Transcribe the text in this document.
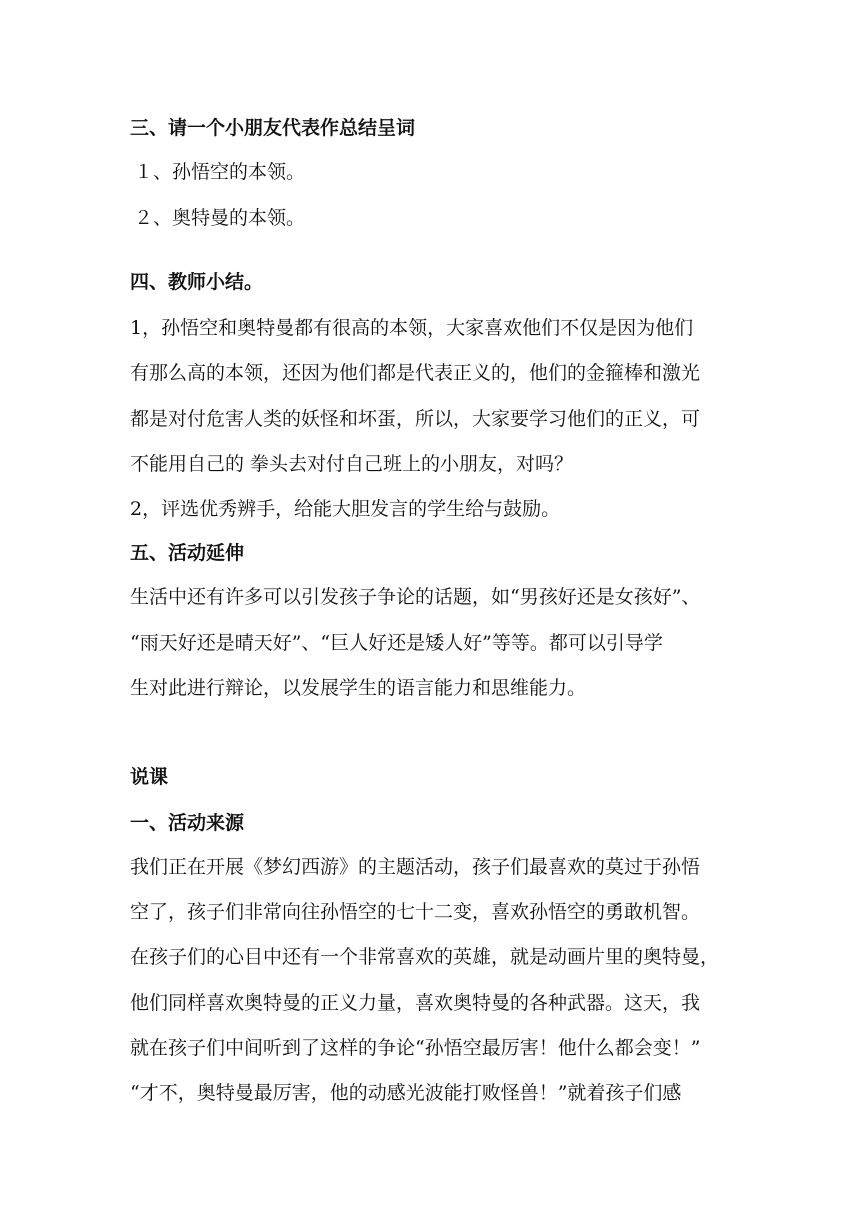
三、请一个小朋友代表作总结呈词
１、孙悟空的本领。
２、奥特曼的本领。
四、教师小结。
1，孙悟空和奥特曼都有很高的本领，大家喜欢他们不仅是因为他们
有那么高的本领，还因为他们都是代表正义的，他们的金箍棒和激光
都是对付危害人类的妖怪和坏蛋，所以，大家要学习他们的正义，可
不能用自己的 拳头去对付自己班上的小朋友，对吗？
2，评选优秀辨手，给能大胆发言的学生给与鼓励。
五、活动延伸
生活中还有许多可以引发孩子争论的话题，如“男孩好还是女孩好”、
“雨天好还是晴天好”、“巨人好还是矮人好”等等。都可以引导学
生对此进行辩论，以发展学生的语言能力和思维能力。
说课
一、活动来源
我们正在开展《梦幻西游》的主题活动，孩子们最喜欢的莫过于孙悟
空了，孩子们非常向往孙悟空的七十二变，喜欢孙悟空的勇敢机智。
在孩子们的心目中还有一个非常喜欢的英雄，就是动画片里的奥特曼，
他们同样喜欢奥特曼的正义力量，喜欢奥特曼的各种武器。这天，我
就在孩子们中间听到了这样的争论“孙悟空最厉害！他什么都会变！”
“才不，奥特曼最厉害，他的动感光波能打败怪兽！”就着孩子们感
